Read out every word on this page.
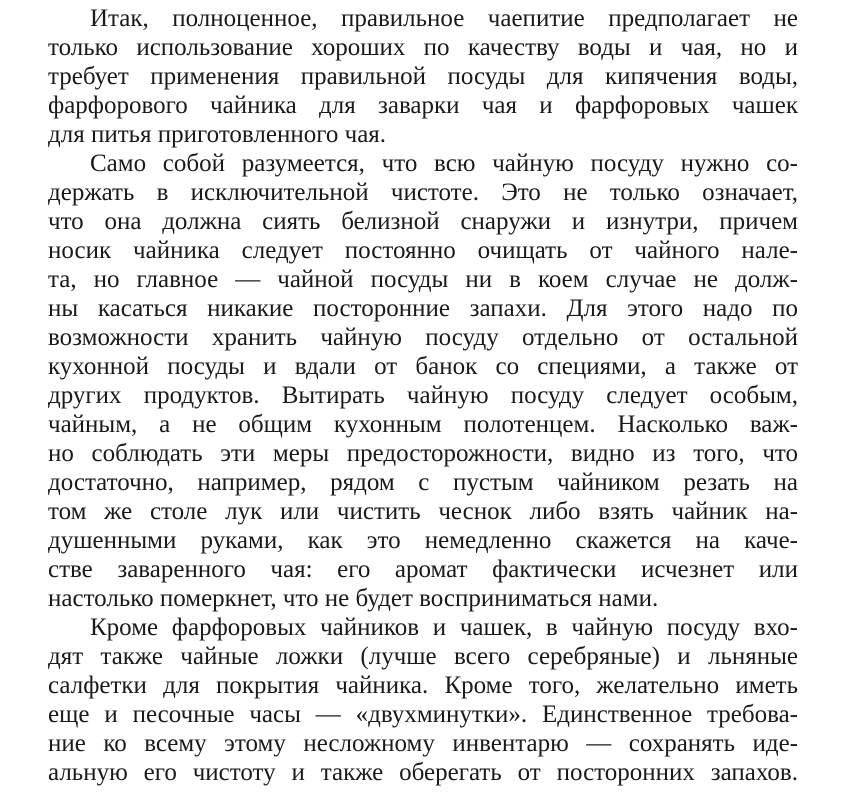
Итак, полноценное, правильное чаепитие предполагает не
только использование хороших по качеству воды и чая, но и
требует применения правильной посуды для кипячения воды,
фарфорового чайника для заварки чая и фарфоровых чашек
для питья приготовленного чая.
Само собой разумеется, что всю чайную посуду нужно со-
держать в исключительной чистоте. Это не только означает,
что она должна сиять белизной снаружи и изнутри, причем
носик чайника следует постоянно очищать от чайного нале-
та, но главное — чайной посуды ни в коем случае не долж-
ны касаться никакие посторонние запахи. Для этого надо по
возможности хранить чайную посуду отдельно от остальной
кухонной посуды и вдали от банок со специями, а также от
других продуктов. Вытирать чайную посуду следует особым,
чайным, а не общим кухонным полотенцем. Насколько важ-
но соблюдать эти меры предосторожности, видно из того, что
достаточно, например, рядом с пустым чайником резать на
том же столе лук или чистить чеснок либо взять чайник на-
душенными руками, как это немедленно скажется на каче-
стве заваренного чая: его аромат фактически исчезнет или
настолько померкнет, что не будет восприниматься нами.
Кроме фарфоровых чайников и чашек, в чайную посуду вхо-
дят также чайные ложки (лучше всего серебряные) и льняные
салфетки для покрытия чайника. Кроме того, желательно иметь
еще и песочные часы — «двухминутки». Единственное требова-
ние ко всему этому несложному инвентарю — сохранять иде-
альную его чистоту и также оберегать от посторонних запахов.
